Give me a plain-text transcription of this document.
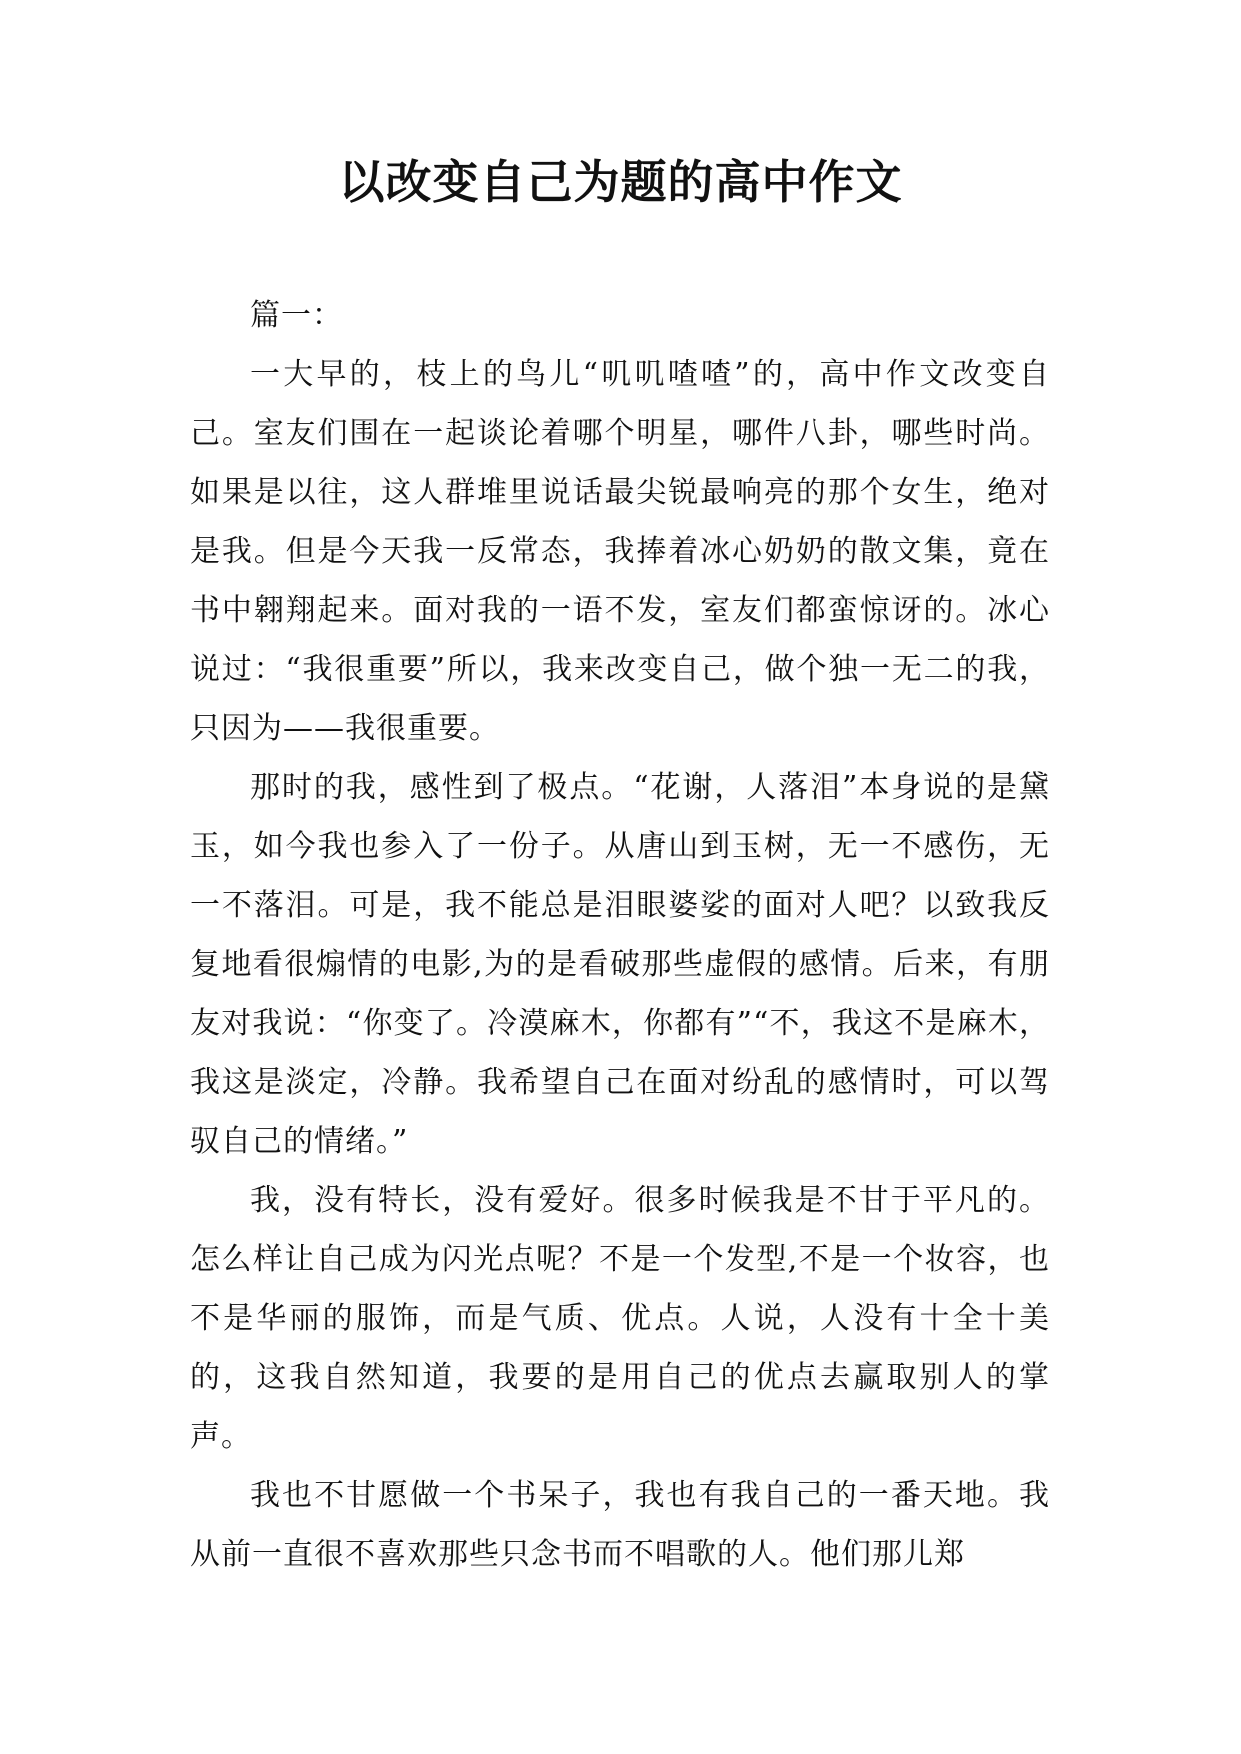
以改变自己为题的高中作文

篇一：

一大早的，枝上的鸟儿“叽叽喳喳”的，高中作文改变自己。室友们围在一起谈论着哪个明星，哪件八卦，哪些时尚。如果是以往，这人群堆里说话最尖锐最响亮的那个女生，绝对是我。但是今天我一反常态，我捧着冰心奶奶的散文集，竟在书中翱翔起来。面对我的一语不发，室友们都蛮惊讶的。冰心说过：“我很重要”所以，我来改变自己，做个独一无二的我，只因为——我很重要。

那时的我，感性到了极点。“花谢，人落泪”本身说的是黛玉，如今我也参入了一份子。从唐山到玉树，无一不感伤，无一不落泪。可是，我不能总是泪眼婆娑的面对人吧？以致我反复地看很煽情的电影,为的是看破那些虚假的感情。后来，有朋友对我说：“你变了。冷漠麻木，你都有”“不，我这不是麻木，我这是淡定，冷静。我希望自己在面对纷乱的感情时，可以驾驭自己的情绪。”

我，没有特长，没有爱好。很多时候我是不甘于平凡的。怎么样让自己成为闪光点呢？不是一个发型,不是一个妆容，也不是华丽的服饰，而是气质、优点。人说，人没有十全十美的，这我自然知道，我要的是用自己的优点去赢取别人的掌声。

我也不甘愿做一个书呆子，我也有我自己的一番天地。我从前一直很不喜欢那些只念书而不唱歌的人。他们那儿郑
